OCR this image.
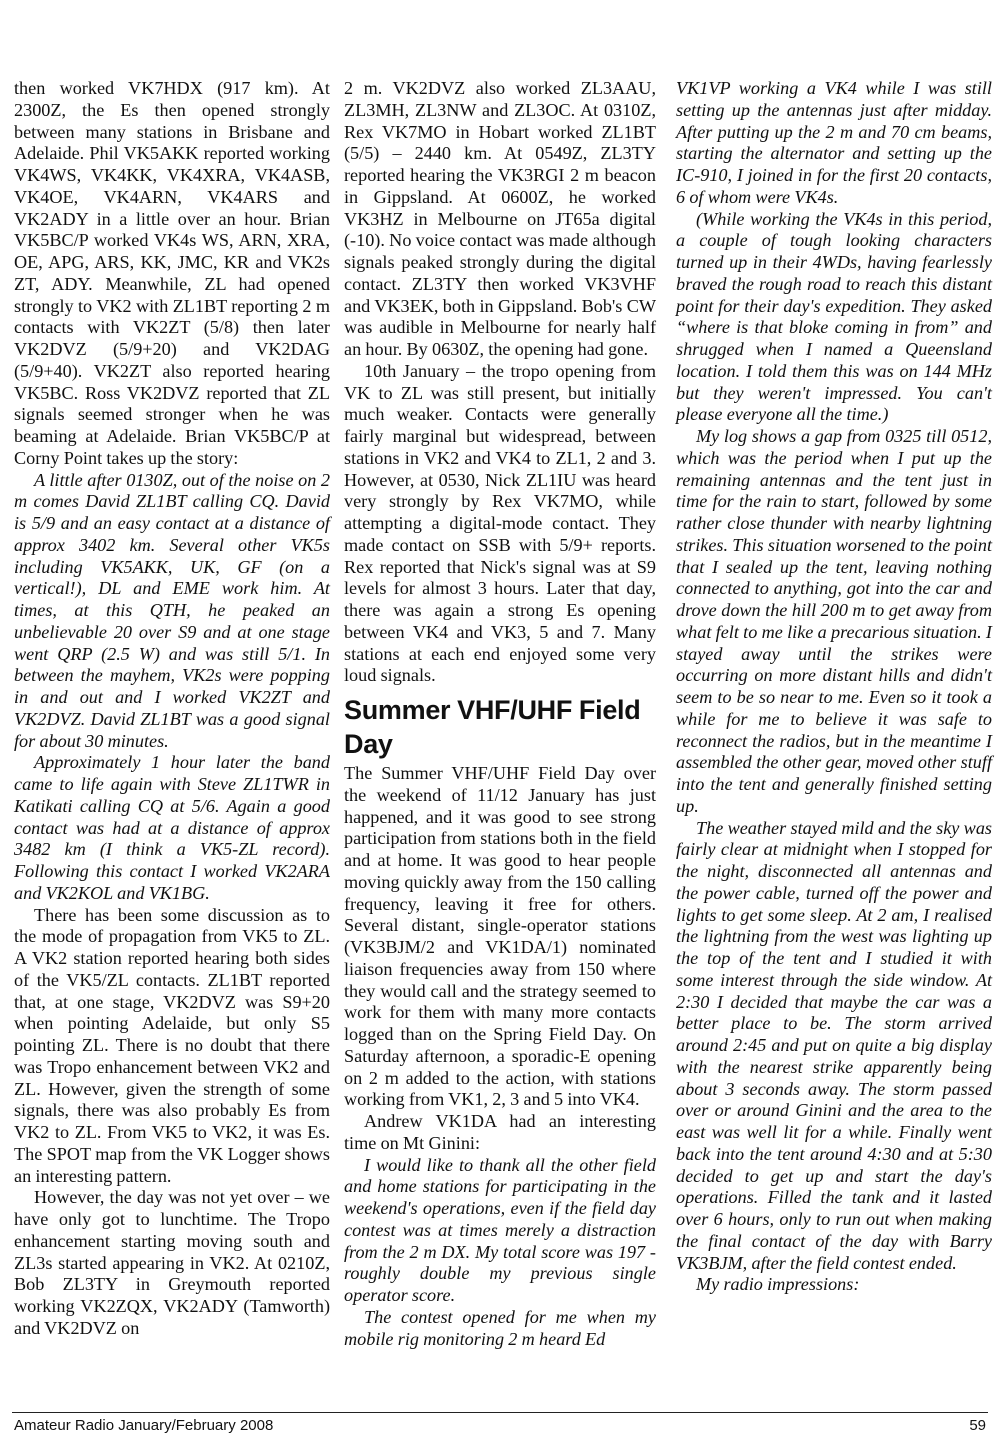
then worked VK7HDX (917 km). At 2300Z, the Es then opened strongly between many stations in Brisbane and Adelaide. Phil VK5AKK reported working VK4WS, VK4KK, VK4XRA, VK4ASB, VK4OE, VK4ARN, VK4ARS and VK2ADY in a little over an hour. Brian VK5BC/P worked VK4s WS, ARN, XRA, OE, APG, ARS, KK, JMC, KR and VK2s ZT, ADY. Meanwhile, ZL had opened strongly to VK2 with ZL1BT reporting 2 m contacts with VK2ZT (5/8) then later VK2DVZ (5/9+20) and VK2DAG (5/9+40). VK2ZT also reported hearing VK5BC. Ross VK2DVZ reported that ZL signals seemed stronger when he was beaming at Adelaide. Brian VK5BC/P at Corny Point takes up the story:

A little after 0130Z, out of the noise on 2 m comes David ZL1BT calling CQ. David is 5/9 and an easy contact at a distance of approx 3402 km. Several other VK5s including VK5AKK, UK, GF (on a vertical!), DL and EME work him. At times, at this QTH, he peaked an unbelievable 20 over S9 and at one stage went QRP (2.5 W) and was still 5/1. In between the mayhem, VK2s were popping in and out and I worked VK2ZT and VK2DVZ. David ZL1BT was a good signal for about 30 minutes.

Approximately 1 hour later the band came to life again with Steve ZL1TWR in Katikati calling CQ at 5/6. Again a good contact was had at a distance of approx 3482 km (I think a VK5-ZL record). Following this contact I worked VK2ARA and VK2KOL and VK1BG.

There has been some discussion as to the mode of propagation from VK5 to ZL. A VK2 station reported hearing both sides of the VK5/ZL contacts. ZL1BT reported that, at one stage, VK2DVZ was S9+20 when pointing Adelaide, but only S5 pointing ZL. There is no doubt that there was Tropo enhancement between VK2 and ZL. However, given the strength of some signals, there was also probably Es from VK2 to ZL. From VK5 to VK2, it was Es. The SPOT map from the VK Logger shows an interesting pattern.

However, the day was not yet over – we have only got to lunchtime. The Tropo enhancement starting moving south and ZL3s started appearing in VK2. At 0210Z, Bob ZL3TY in Greymouth reported working VK2ZQX, VK2ADY (Tamworth) and VK2DVZ on

2 m. VK2DVZ also worked ZL3AAU, ZL3MH, ZL3NW and ZL3OC. At 0310Z, Rex VK7MO in Hobart worked ZL1BT (5/5) – 2440 km. At 0549Z, ZL3TY reported hearing the VK3RGI 2 m beacon in Gippsland. At 0600Z, he worked VK3HZ in Melbourne on JT65a digital (-10). No voice contact was made although signals peaked strongly during the digital contact. ZL3TY then worked VK3VHF and VK3EK, both in Gippsland. Bob's CW was audible in Melbourne for nearly half an hour. By 0630Z, the opening had gone.

10th January – the tropo opening from VK to ZL was still present, but initially much weaker. Contacts were generally fairly marginal but widespread, between stations in VK2 and VK4 to ZL1, 2 and 3. However, at 0530, Nick ZL1IU was heard very strongly by Rex VK7MO, while attempting a digital-mode contact. They made contact on SSB with 5/9+ reports. Rex reported that Nick's signal was at S9 levels for almost 3 hours. Later that day, there was again a strong Es opening between VK4 and VK3, 5 and 7. Many stations at each end enjoyed some very loud signals.

Summer VHF/UHF Field Day

The Summer VHF/UHF Field Day over the weekend of 11/12 January has just happened, and it was good to see strong participation from stations both in the field and at home. It was good to hear people moving quickly away from the 150 calling frequency, leaving it free for others. Several distant, single-operator stations (VK3BJM/2 and VK1DA/1) nominated liaison frequencies away from 150 where they would call and the strategy seemed to work for them with many more contacts logged than on the Spring Field Day. On Saturday afternoon, a sporadic-E opening on 2 m added to the action, with stations working from VK1, 2, 3 and 5 into VK4.

Andrew VK1DA had an interesting time on Mt Ginini:

I would like to thank all the other field and home stations for participating in the weekend's operations, even if the field day contest was at times merely a distraction from the 2 m DX. My total score was 197 - roughly double my previous single operator score.

The contest opened for me when my mobile rig monitoring 2 m heard Ed

VK1VP working a VK4 while I was still setting up the antennas just after midday. After putting up the 2 m and 70 cm beams, starting the alternator and setting up the IC-910, I joined in for the first 20 contacts, 6 of whom were VK4s.

(While working the VK4s in this period, a couple of tough looking characters turned up in their 4WDs, having fearlessly braved the rough road to reach this distant point for their day's expedition. They asked “where is that bloke coming in from” and shrugged when I named a Queensland location. I told them this was on 144 MHz but they weren't impressed. You can't please everyone all the time.)

My log shows a gap from 0325 till 0512, which was the period when I put up the remaining antennas and the tent just in time for the rain to start, followed by some rather close thunder with nearby lightning strikes. This situation worsened to the point that I sealed up the tent, leaving nothing connected to anything, got into the car and drove down the hill 200 m to get away from what felt to me like a precarious situation. I stayed away until the strikes were occurring on more distant hills and didn't seem to be so near to me. Even so it took a while for me to believe it was safe to reconnect the radios, but in the meantime I assembled the other gear, moved other stuff into the tent and generally finished setting up.

The weather stayed mild and the sky was fairly clear at midnight when I stopped for the night, disconnected all antennas and the power cable, turned off the power and lights to get some sleep. At 2 am, I realised the lightning from the west was lighting up the top of the tent and I studied it with some interest through the side window. At 2:30 I decided that maybe the car was a better place to be. The storm arrived around 2:45 and put on quite a big display with the nearest strike apparently being about 3 seconds away. The storm passed over or around Ginini and the area to the east was well lit for a while. Finally went back into the tent around 4:30 and at 5:30 decided to get up and start the day's operations. Filled the tank and it lasted over 6 hours, only to run out when making the final contact of the day with Barry VK3BJM, after the field contest ended.

My radio impressions:

Amateur Radio January/February 2008	59
